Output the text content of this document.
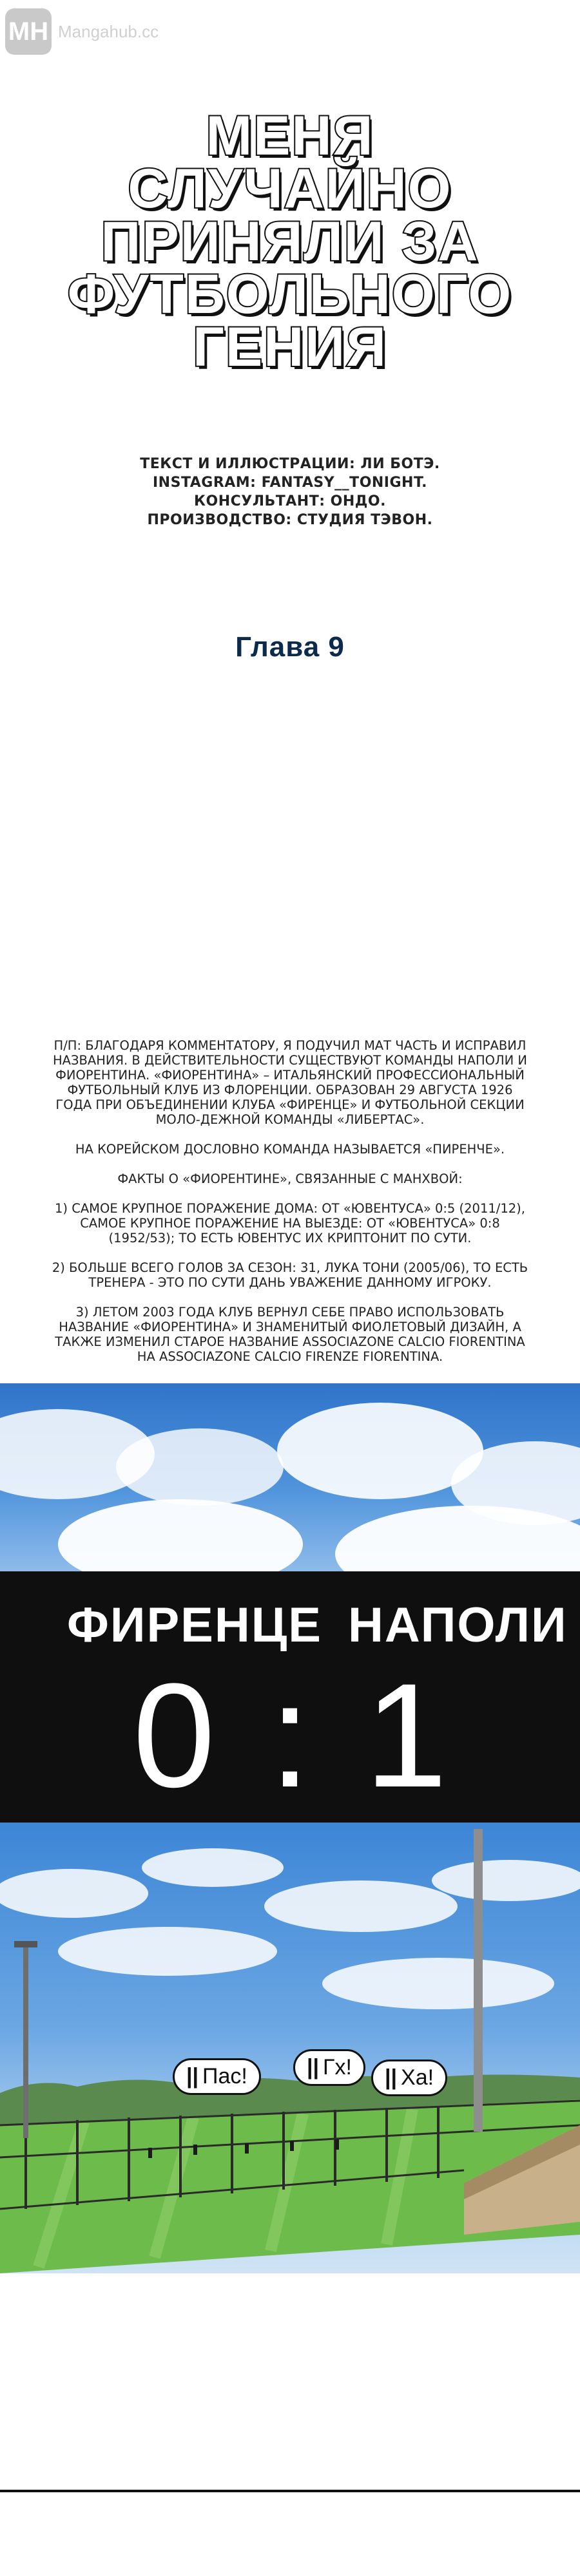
MH Mangahub.cc
МЕНЯ
СЛУЧАЙНО
ПРИНЯЛИ ЗА
ФУТБОЛЬНОГО
ГЕНИЯ
ТЕКСТ И ИЛЛЮСТРАЦИИ: ЛИ БОТЭ.
INSTAGRAM: FANTASY__TONIGHT.
КОНСУЛЬТАНТ: ОНДО.
ПРОИЗВОДСТВО: СТУДИЯ ТЭВОН.
Глава 9

П/П: БЛАГОДАРЯ КОММЕНТАТОРУ, Я ПОДУЧИЛ МАТ ЧАСТЬ И ИСПРАВИЛ НАЗВАНИЯ. В ДЕЙСТВИТЕЛЬНОСТИ СУЩЕСТВУЮТ КОМАНДЫ НАПОЛИ И ФИОРЕНТИНА. «ФИОРЕНТИНА» – ИТАЛЬЯНСКИЙ ПРОФЕССИОНАЛЬНЫЙ ФУТБОЛЬНЫЙ КЛУБ ИЗ ФЛОРЕНЦИИ. ОБРАЗОВАН 29 АВГУСТА 1926 ГОДА ПРИ ОБЪЕДИНЕНИИ КЛУБА «ФИРЕНЦЕ» И ФУТБОЛЬНОЙ СЕКЦИИ МОЛО-ДЕЖНОЙ КОМАНДЫ «ЛИБЕРТАС».

НА КОРЕЙСКОМ ДОСЛОВНО КОМАНДА НАЗЫВАЕТСЯ «ПИРЕНЧЕ».

ФАКТЫ О «ФИОРЕНТИНЕ», СВЯЗАННЫЕ С МАНХВОЙ:

1) САМОЕ КРУПНОЕ ПОРАЖЕНИЕ ДОМА: ОТ «ЮВЕНТУСА» 0:5 (2011/12), САМОЕ КРУПНОЕ ПОРАЖЕНИЕ НА ВЫЕЗДЕ: ОТ «ЮВЕНТУСА» 0:8 (1952/53); ТО ЕСТЬ ЮВЕНТУС ИХ КРИПТОНИТ ПО СУТИ.

2) БОЛЬШЕ ВСЕГО ГОЛОВ ЗА СЕЗОН: 31, ЛУКА ТОНИ (2005/06), ТО ЕСТЬ ТРЕНЕРА - ЭТО ПО СУТИ ДАНЬ УВАЖЕНИЕ ДАННОМУ ИГРОКУ.

3) ЛЕТОМ 2003 ГОДА КЛУБ ВЕРНУЛ СЕБЕ ПРАВО ИСПОЛЬЗОВАТЬ НАЗВАНИЕ «ФИОРЕНТИНА» И ЗНАМЕНИТЫЙ ФИОЛЕТОВЫЙ ДИЗАЙН, А ТАКЖЕ ИЗМЕНИЛ СТАРОЕ НАЗВАНИЕ ASSOCIAZONE CALCIO FIORENTINA НА ASSOCIAZONE CALCIO FIRENZE FIORENTINA.

ФИРЕНЦЕ НАПОЛИ
0 : 1
|| Пас!	|| Гх!	|| Ха!
